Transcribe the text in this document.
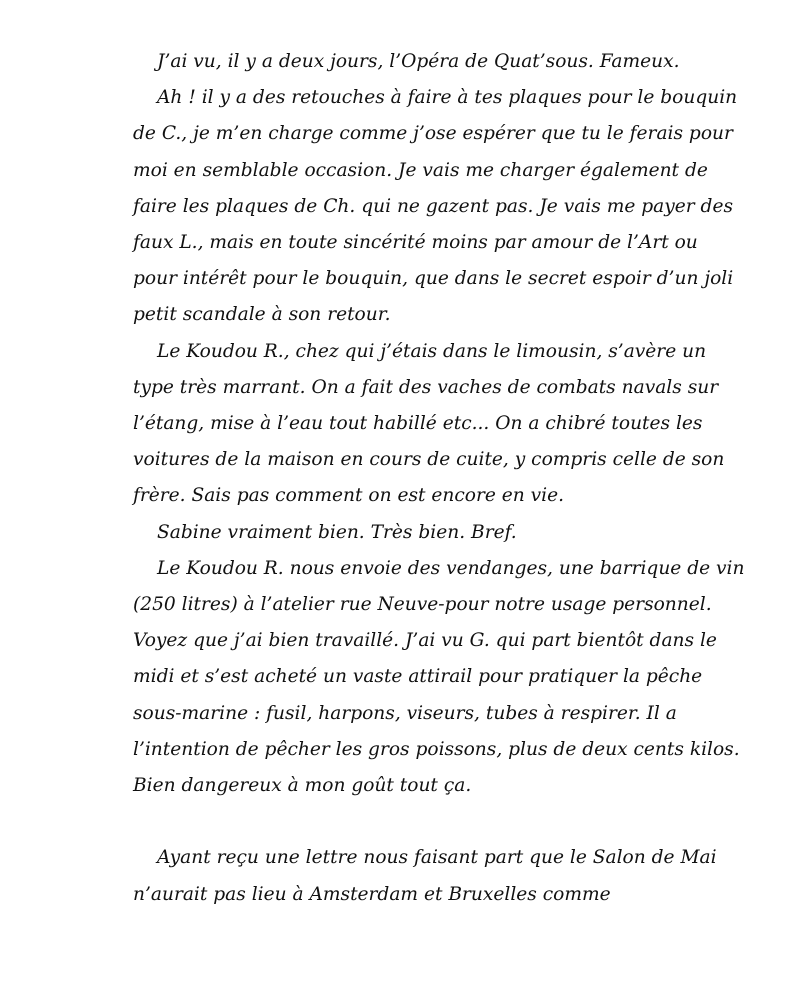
J’ai vu, il y a deux jours, l’Opéra de Quat’sous. Fameux.

Ah ! il y a des retouches à faire à tes plaques pour le bouquin
de C., je m’en charge comme j’ose espérer que tu le ferais pour
moi en semblable occasion. Je vais me charger également de
faire les plaques de Ch. qui ne gazent pas. Je vais me payer des
faux L., mais en toute sincérité moins par amour de l’Art ou
pour intérêt pour le bouquin, que dans le secret espoir d’un joli
petit scandale à son retour.

Le Koudou R., chez qui j’étais dans le limousin, s’avère un
type très marrant. On a fait des vaches de combats navals sur
l’étang, mise à l’eau tout habillé etc... On a chibré toutes les
voitures de la maison en cours de cuite, y compris celle de son
frère. Sais pas comment on est encore en vie.

Sabine vraiment bien. Très bien. Bref.

Le Koudou R. nous envoie des vendanges, une barrique de vin
(250 litres) à l’atelier rue Neuve-pour notre usage personnel.
Voyez que j’ai bien travaillé. J’ai vu G. qui part bientôt dans le
midi et s’est acheté un vaste attirail pour pratiquer la pêche
sous-marine : fusil, harpons, viseurs, tubes à respirer. Il a
l’intention de pêcher les gros poissons, plus de deux cents kilos.
Bien dangereux à mon goût tout ça.

Ayant reçu une lettre nous faisant part que le Salon de Mai
n’aurait pas lieu à Amsterdam et Bruxelles comme
